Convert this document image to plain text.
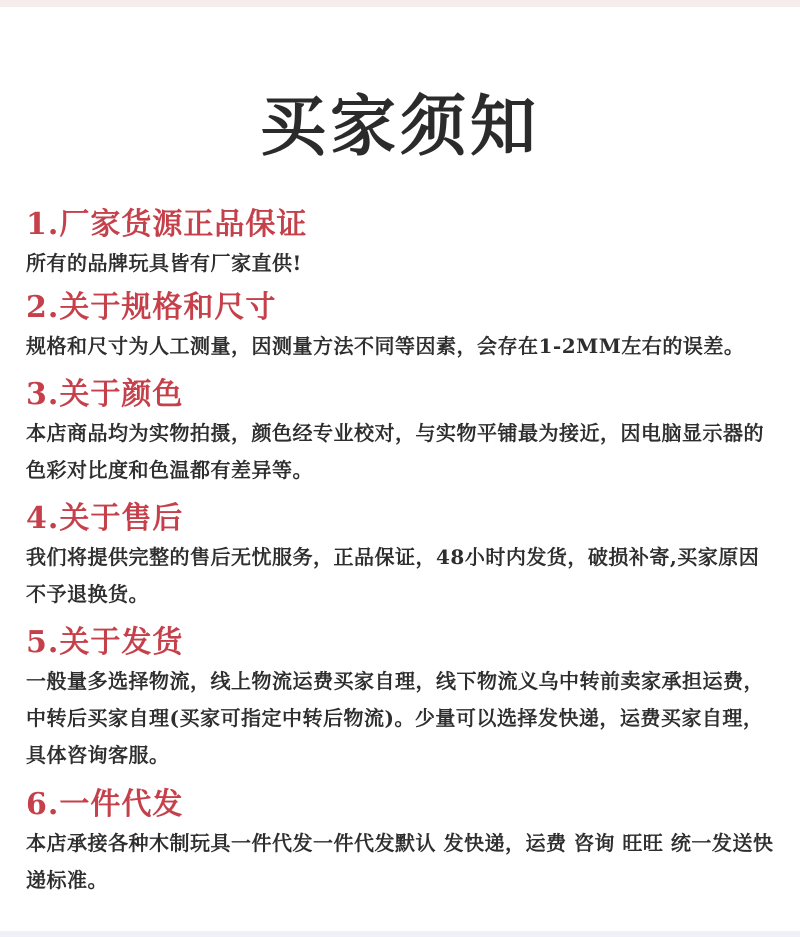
买家须知

1.厂家货源正品保证

所有的品牌玩具皆有厂家直供!

2.关于规格和尺寸

规格和尺寸为人工测量，因测量方法不同等因素，会存在1-2MM左右的误差。

3.关于颜色

本店商品均为实物拍摄，颜色经专业校对，与实物平铺最为接近，因电脑显示器的色彩对比度和色温都有差异等。

4.关于售后

我们将提供完整的售后无忧服务，正品保证，48小时内发货，破损补寄,买家原因不予退换货。

5.关于发货

一般量多选择物流，线上物流运费买家自理，线下物流义乌中转前卖家承担运费，中转后买家自理(买家可指定中转后物流)。少量可以选择发快递，运费买家自理，具体咨询客服。

6.一件代发

本店承接各种木制玩具一件代发一件代发默认 发快递，运费 咨询 旺旺 统一发送快递标准。
